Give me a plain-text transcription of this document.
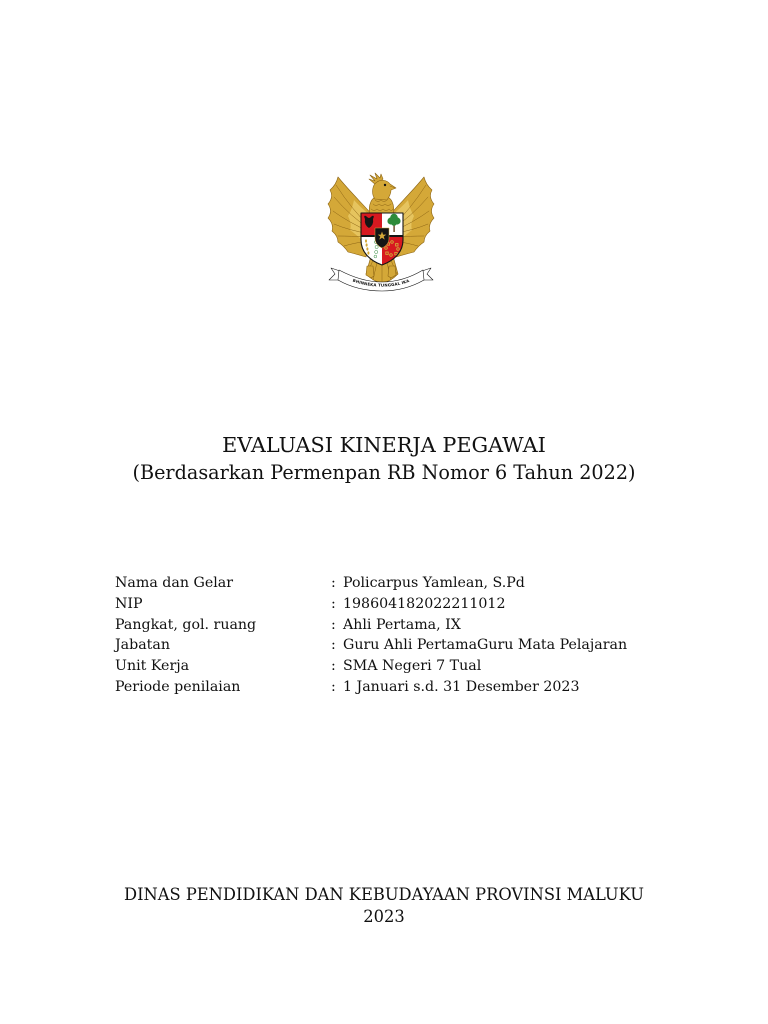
BHINNEKA TUNGGAL IKA
EVALUASI KINERJA PEGAWAI
(Berdasarkan Permenpan RB Nomor 6 Tahun 2022)
Nama dan Gelar	: Policarpus Yamlean, S.Pd
NIP	: 198604182022211012
Pangkat, gol. ruang	: Ahli Pertama, IX
Jabatan	: Guru Ahli PertamaGuru Mata Pelajaran
Unit Kerja	: SMA Negeri 7 Tual
Periode penilaian	: 1 Januari s.d. 31 Desember 2023
DINAS PENDIDIKAN DAN KEBUDAYAAN PROVINSI MALUKU
2023
